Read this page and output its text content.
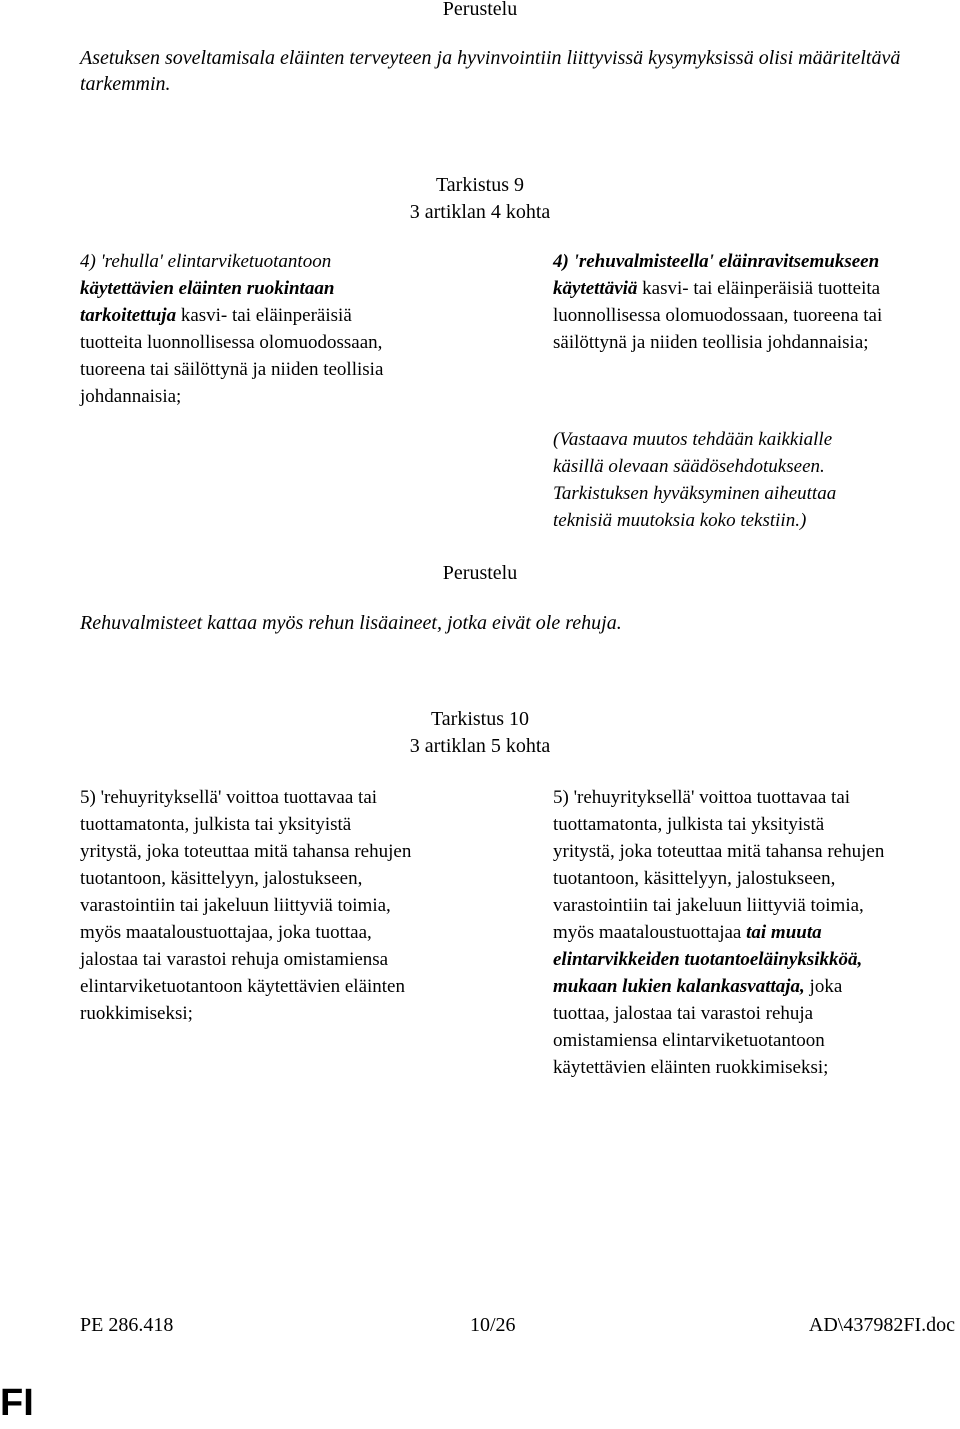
Perustelu
Asetuksen soveltamisala eläinten terveyteen ja hyvinvointiin liittyvissä kysymyksissä olisi määriteltävä tarkemmin.
Tarkistus 9
3 artiklan 4 kohta
4) 'rehulla' elintarviketuotantoon
käytettävien eläinten ruokintaan
tarkoitettuja kasvi- tai eläinperäisiä
tuotteita luonnollisessa olomuodossaan,
tuoreena tai säilöttynä ja niiden teollisia
johdannaisia;
4) 'rehuvalmisteella' eläinravitsemukseen
käytettäviä kasvi- tai eläinperäisiä tuotteita
luonnollisessa olomuodossaan, tuoreena tai
säilöttynä ja niiden teollisia johdannaisia;
(Vastaava muutos tehdään kaikkialle
käsillä olevaan säädösehdotukseen.
Tarkistuksen hyväksyminen aiheuttaa
teknisiä muutoksia koko tekstiin.)
Perustelu
Rehuvalmisteet kattaa myös rehun lisäaineet, jotka eivät ole rehuja.
Tarkistus 10
3 artiklan 5 kohta
5) 'rehuyrityksellä' voittoa tuottavaa tai
tuottamatonta, julkista tai yksityistä
yritystä, joka toteuttaa mitä tahansa rehujen
tuotantoon, käsittelyyn, jalostukseen,
varastointiin tai jakeluun liittyviä toimia,
myös maataloustuottajaa, joka tuottaa,
jalostaa tai varastoi rehuja omistamiensa
elintarviketuotantoon käytettävien eläinten
ruokkimiseksi;
5) 'rehuyrityksellä' voittoa tuottavaa tai
tuottamatonta, julkista tai yksityistä
yritystä, joka toteuttaa mitä tahansa rehujen
tuotantoon, käsittelyyn, jalostukseen,
varastointiin tai jakeluun liittyviä toimia,
myös maataloustuottajaa tai muuta
elintarvikkeiden tuotantoeläinyksikköä,
mukaan lukien kalankasvattaja, joka
tuottaa, jalostaa tai varastoi rehuja
omistamiensa elintarviketuotantoon
käytettävien eläinten ruokkimiseksi;
PE 286.418	10/26	AD\437982FI.doc
FI
